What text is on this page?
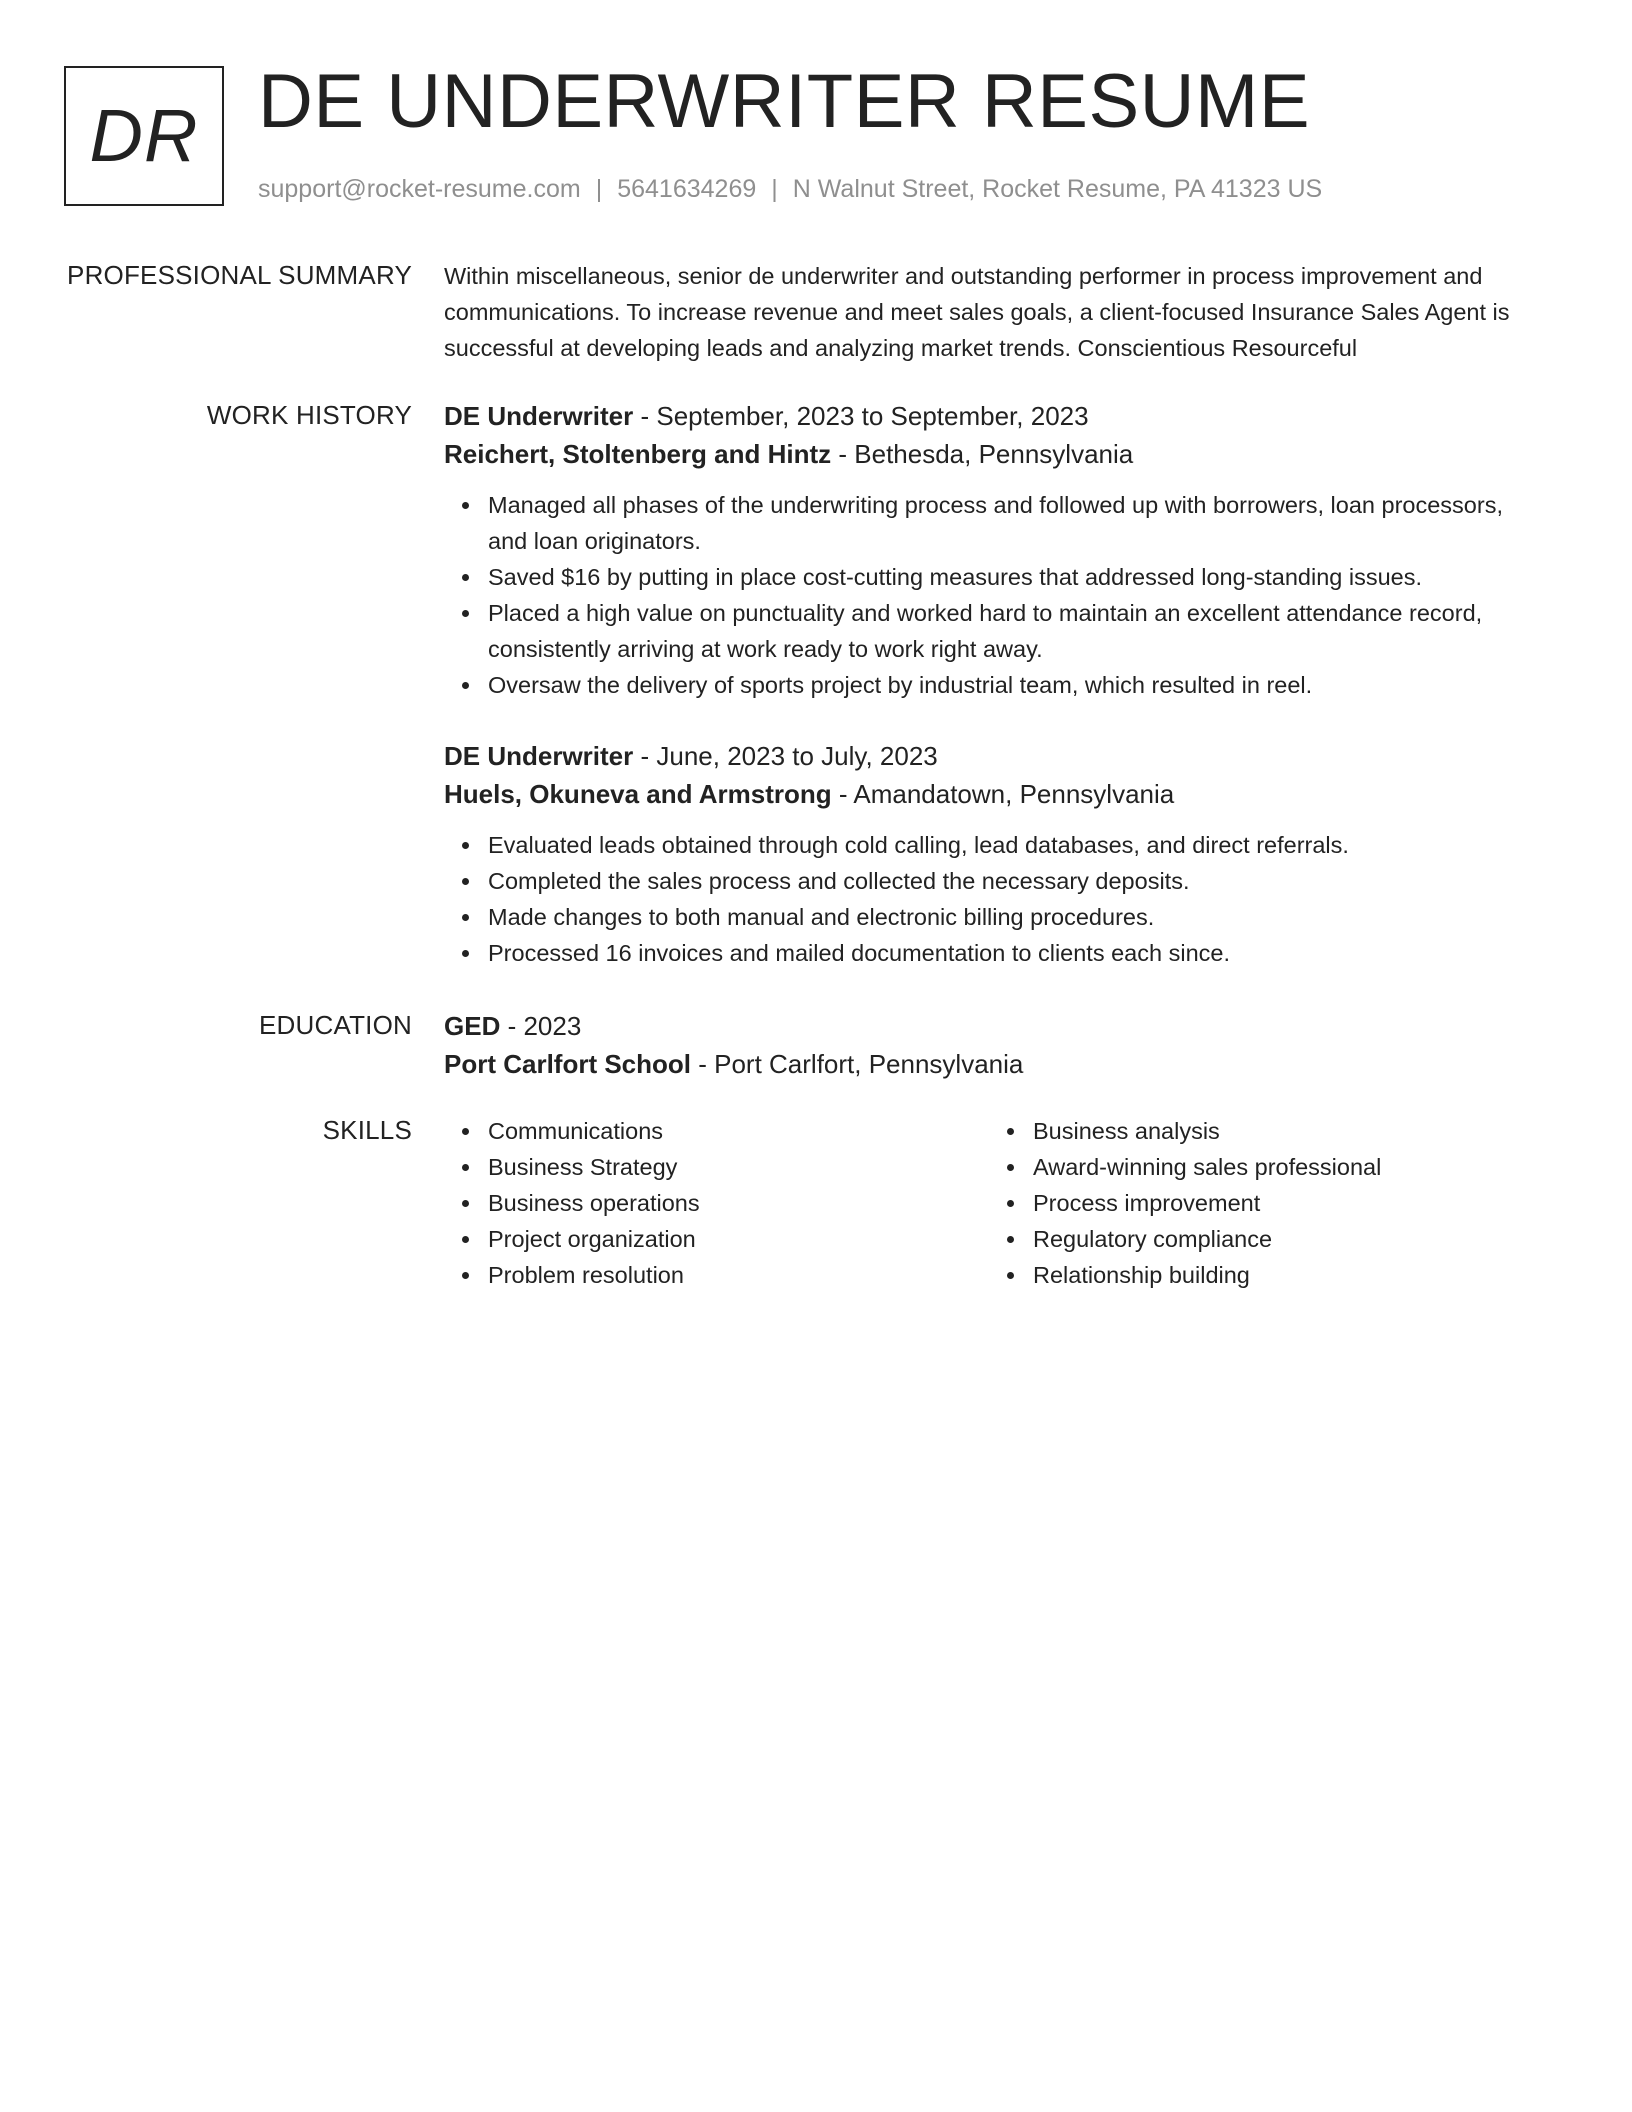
DR DE UNDERWRITER RESUME
support@rocket-resume.com | 5641634269 | N Walnut Street, Rocket Resume, PA 41323 US
PROFESSIONAL SUMMARY Within miscellaneous, senior de underwriter and outstanding performer in process improvement and communications. To increase revenue and meet sales goals, a client-focused Insurance Sales Agent is successful at developing leads and analyzing market trends. Conscientious Resourceful

WORK HISTORY DE Underwriter - September, 2023 to September, 2023
Reichert, Stoltenberg and Hintz - Bethesda, Pennsylvania
Managed all phases of the underwriting process and followed up with borrowers, loan processors, and loan originators.
Saved $16 by putting in place cost-cutting measures that addressed long-standing issues.
Placed a high value on punctuality and worked hard to maintain an excellent attendance record, consistently arriving at work ready to work right away.
Oversaw the delivery of sports project by industrial team, which resulted in reel.
DE Underwriter - June, 2023 to July, 2023
Huels, Okuneva and Armstrong - Amandatown, Pennsylvania
Evaluated leads obtained through cold calling, lead databases, and direct referrals.
Completed the sales process and collected the necessary deposits.
Made changes to both manual and electronic billing procedures.
Processed 16 invoices and mailed documentation to clients each since.
EDUCATION GED - 2023
Port Carlfort School - Port Carlfort, Pennsylvania
SKILLS	Communications
Business Strategy
Business operations
Project organization
Problem resolution
Business analysis
Award-winning sales professional
Process improvement
Regulatory compliance
Relationship building
